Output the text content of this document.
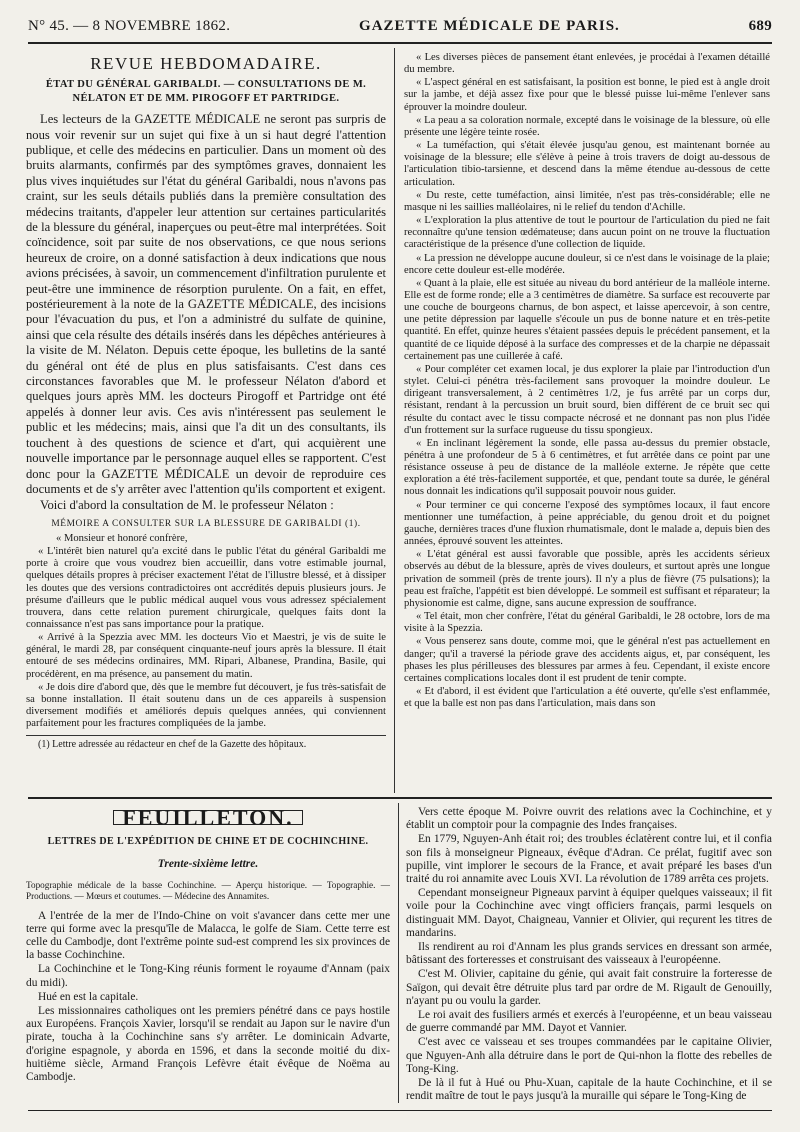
N° 45. — 8 NOVEMBRE 1862.	GAZETTE MÉDICALE DE PARIS.	689
REVUE HEBDOMADAIRE.
ÉTAT DU GÉNÉRAL GARIBALDI. — CONSULTATIONS DE M. NÉLATON ET DE MM. PIROGOFF ET PARTRIDGE.

Les lecteurs de la GAZETTE MÉDICALE ne seront pas surpris de nous voir revenir sur un sujet qui fixe à un si haut degré l'attention publique, et celle des médecins en particulier. Dans un moment où des bruits alarmants, confirmés par des symptômes graves, donnaient les plus vives inquiétudes sur l'état du général Garibaldi, nous n'avons pas craint, sur les seuls détails publiés dans la première consultation des médecins traitants, d'appeler leur attention sur certaines particularités de la blessure du général, inaperçues ou peut-être mal interprétées. Soit coïncidence, soit par suite de nos observations, ce que nous serions heureux de croire, on a donné satisfaction à deux indications que nous avions précisées, à savoir, un commencement d'infiltration purulente et peut-être une imminence de résorption purulente. On a fait, en effet, postérieurement à la note de la GAZETTE MÉDICALE, des incisions pour l'évacuation du pus, et l'on a administré du sulfate de quinine, ainsi que cela résulte des détails insérés dans les dépêches antérieures à la visite de M. Nélaton. Depuis cette époque, les bulletins de la santé du général ont été de plus en plus satisfaisants. C'est dans ces circonstances favorables que M. le professeur Nélaton d'abord et quelques jours après MM. les docteurs Pirogoff et Partridge ont été appelés à donner leur avis. Ces avis n'intéressent pas seulement le public et les médecins; mais, ainsi que l'a dit un des consultants, ils touchent à des questions de science et d'art, qui acquièrent une nouvelle importance par le personnage auquel elles se rapportent. C'est donc pour la GAZETTE MÉDICALE un devoir de reproduire ces documents et de s'y arrêter avec l'attention qu'ils comportent et exigent.

Voici d'abord la consultation de M. le professeur Nélaton :

MÉMOIRE A CONSULTER SUR LA BLESSURE DE GARIBALDI (1).

« Monsieur et honoré confrère,

« L'intérêt bien naturel qu'a excité dans le public l'état du général Garibaldi me porte à croire que vous voudrez bien accueillir, dans votre estimable journal, quelques détails propres à préciser exactement l'état de l'illustre blessé, et à dissiper les doutes que des versions contradictoires ont accrédités depuis plusieurs jours. Je présume d'ailleurs que le public médical auquel vous vous adressez spécialement trouvera, dans cette relation purement chirurgicale, quelques faits dont la connaissance n'est pas sans importance pour la pratique.

« Arrivé à la Spezzia avec MM. les docteurs Vio et Maestri, je vis de suite le général, le mardi 28, par conséquent cinquante-neuf jours après la blessure. Il était entouré de ses médecins ordinaires, MM. Ripari, Albanese, Prandina, Basile, qui procédèrent, en ma présence, au pansement du matin.

« Je dois dire d'abord que, dès que le membre fut découvert, je fus très-satisfait de sa bonne installation. Il était soutenu dans un de ces appareils à suspension diversement modifiés et améliorés depuis quelques années, qui conviennent parfaitement pour les fractures compliquées de la jambe.

(1) Lettre adressée au rédacteur en chef de la Gazette des hôpitaux.

« Les diverses pièces de pansement étant enlevées, je procédai à l'examen détaillé du membre.

« L'aspect général en est satisfaisant, la position est bonne, le pied est à angle droit sur la jambe, et déjà assez fixe pour que le blessé puisse lui-même l'enlever sans éprouver la moindre douleur.

« La peau a sa coloration normale, excepté dans le voisinage de la blessure, où elle présente une légère teinte rosée.

« La tuméfaction, qui s'était élevée jusqu'au genou, est maintenant bornée au voisinage de la blessure; elle s'élève à peine à trois travers de doigt au-dessous de l'articulation tibio-tarsienne, et descend dans la même étendue au-dessous de cette articulation.

« Du reste, cette tuméfaction, ainsi limitée, n'est pas très-considérable; elle ne masque ni les saillies malléolaires, ni le relief du tendon d'Achille.

« L'exploration la plus attentive de tout le pourtour de l'articulation du pied ne fait reconnaître qu'une tension œdémateuse; dans aucun point on ne trouve la fluctuation caractéristique de la présence d'une collection de liquide.

« La pression ne développe aucune douleur, si ce n'est dans le voisinage de la plaie; encore cette douleur est-elle modérée.

« Quant à la plaie, elle est située au niveau du bord antérieur de la malléole interne. Elle est de forme ronde; elle a 3 centimètres de diamètre. Sa surface est recouverte par une couche de bourgeons charnus, de bon aspect, et laisse apercevoir, à son centre, une petite dépression par laquelle s'écoule un pus de bonne nature et en très-petite quantité. En effet, quinze heures s'étaient passées depuis le précédent pansement, et la quantité de ce liquide déposé à la surface des compresses et de la charpie ne dépassait certainement pas une cuillerée à café.

« Pour compléter cet examen local, je dus explorer la plaie par l'introduction d'un stylet. Celui-ci pénétra très-facilement sans provoquer la moindre douleur. Le dirigeant transversalement, à 2 centimètres 1/2, je fus arrêté par un corps dur, résistant, rendant à la percussion un bruit sourd, bien différent de ce bruit sec qui résulte du contact avec le tissu compacte nécrosé et ne donnant pas non plus l'idée d'un frottement sur la surface rugueuse du tissu spongieux.

« En inclinant légèrement la sonde, elle passa au-dessus du premier obstacle, pénétra à une profondeur de 5 à 6 centimètres, et fut arrêtée dans ce point par une résistance osseuse à peu de distance de la malléole externe. Je répète que cette exploration a été très-facilement supportée, et que, pendant toute sa durée, le général nous donnait les indications qu'il supposait pouvoir nous guider.

« Pour terminer ce qui concerne l'exposé des symptômes locaux, il faut encore mentionner une tuméfaction, à peine appréciable, du genou droit et du poignet gauche, dernières traces d'une fluxion rhumatismale, dont le malade a, depuis bien des années, éprouvé souvent les atteintes.

« L'état général est aussi favorable que possible, après les accidents sérieux observés au début de la blessure, après de vives douleurs, et surtout après une longue privation de sommeil (près de trente jours). Il n'y a plus de fièvre (75 pulsations); la peau est fraîche, l'appétit est bien développé. Le sommeil est suffisant et réparateur; la physionomie est calme, digne, sans aucune expression de souffrance.

« Tel était, mon cher confrère, l'état du général Garibaldi, le 28 octobre, lors de ma visite à la Spezzia.

« Vous penserez sans doute, comme moi, que le général n'est pas actuellement en danger; qu'il a traversé la période grave des accidents aigus, et, par conséquent, les phases les plus périlleuses des blessures par armes à feu. Cependant, il existe encore certaines complications locales dont il est prudent de tenir compte.

« Et d'abord, il est évident que l'articulation a été ouverte, qu'elle s'est enflammée, et que la balle est non pas dans l'articulation, mais dans son

FEUILLETON.
LETTRES DE L'EXPÉDITION DE CHINE ET DE COCHINCHINE.
Trente-sixième lettre.
Topographie médicale de la basse Cochinchine. — Aperçu historique. — Topographie. — Productions. — Mœurs et coutumes. — Médecine des Annamites.

A l'entrée de la mer de l'Indo-Chine on voit s'avancer dans cette mer une terre qui forme avec la presqu'île de Malacca, le golfe de Siam. Cette terre est celle du Cambodje, dont l'extrême pointe sud-est comprend les six provinces de la basse Cochinchine.

La Cochinchine et le Tong-King réunis forment le royaume d'Annam (paix du midi).

Hué en est la capitale.

Les missionnaires catholiques ont les premiers pénétré dans ce pays hostile aux Européens. François Xavier, lorsqu'il se rendait au Japon sur le navire d'un pirate, toucha à la Cochinchine sans s'y arrêter. Le dominicain Advarte, d'origine espagnole, y aborda en 1596, et dans la seconde moitié du dix-huitième siècle, Armand François Lefèvre était évêque de Noëma au Cambodje.

Vers cette époque M. Poivre ouvrit des relations avec la Cochinchine, et y établit un comptoir pour la compagnie des Indes françaises.

En 1779, Nguyen-Anh était roi; des troubles éclatèrent contre lui, et il confia son fils à monseigneur Pigneaux, évêque d'Adran. Ce prélat, fugitif avec son pupille, vint implorer le secours de la France, et avait préparé les bases d'un traité du roi annamite avec Louis XVI. La révolution de 1789 arrêta ces projets.

Cependant monseigneur Pigneaux parvint à équiper quelques vaisseaux; il fit voile pour la Cochinchine avec vingt officiers français, parmi lesquels on distinguait MM. Dayot, Chaigneau, Vannier et Olivier, qui reçurent les titres de mandarins.

Ils rendirent au roi d'Annam les plus grands services en dressant son armée, bâtissant des forteresses et construisant des vaisseaux à l'européenne.

C'est M. Olivier, capitaine du génie, qui avait fait construire la forteresse de Saïgon, qui devait être détruite plus tard par ordre de M. Rigault de Genouilly, n'ayant pu ou voulu la garder.

Le roi avait des fusiliers armés et exercés à l'européenne, et un beau vaisseau de guerre commandé par MM. Dayot et Vannier.

C'est avec ce vaisseau et ses troupes commandées par le capitaine Olivier, que Nguyen-Anh alla détruire dans le port de Qui-nhon la flotte des rebelles de Tong-King.

De là il fut à Hué ou Phu-Xuan, capitale de la haute Cochinchine, et il se rendit maître de tout le pays jusqu'à la muraille qui sépare le Tong-King de
